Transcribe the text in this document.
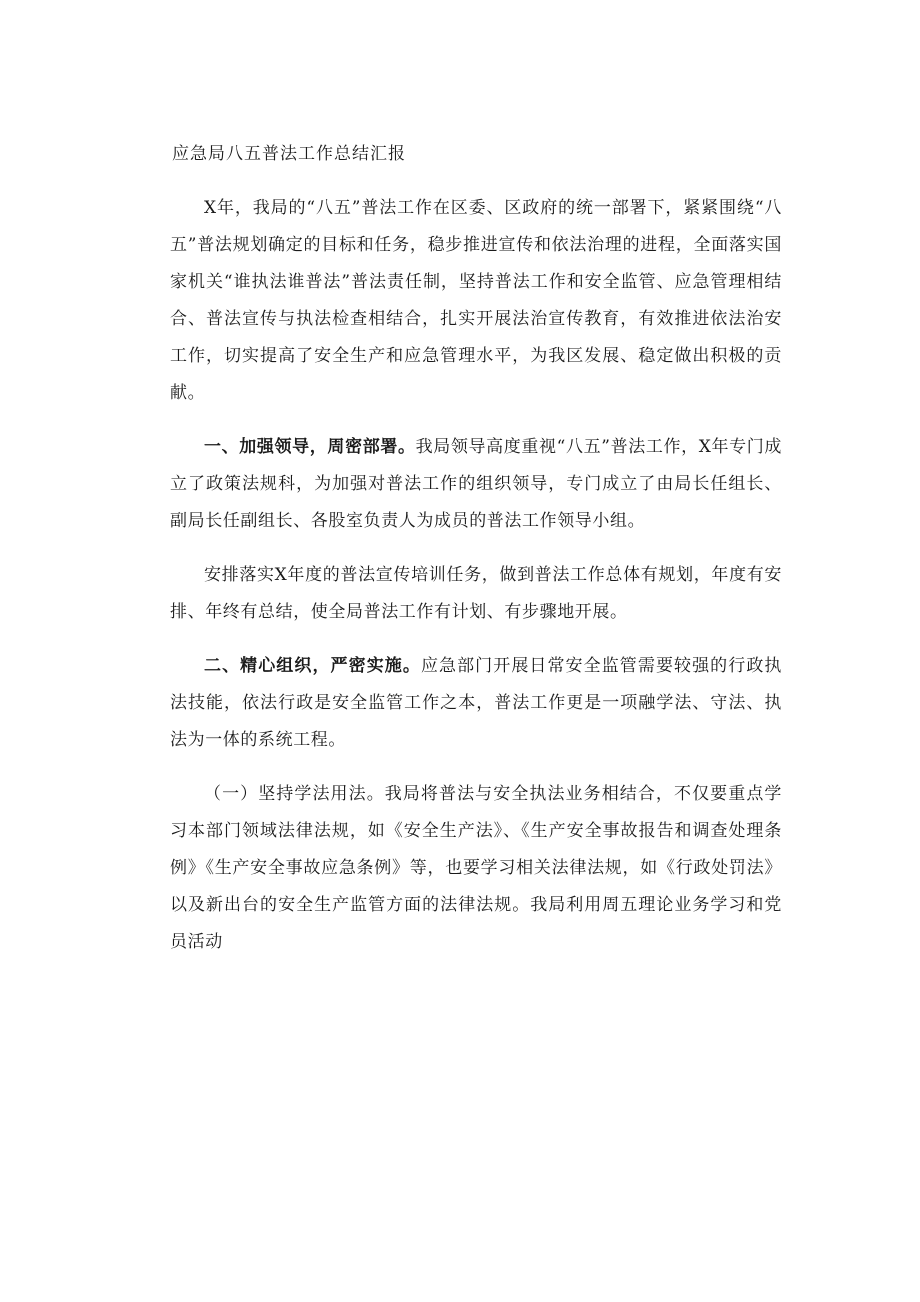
应急局八五普法工作总结汇报

X年，我局的“八五”普法工作在区委、区政府的统一部署下，紧紧围绕“八五”普法规划确定的目标和任务，稳步推进宣传和依法治理的进程，全面落实国家机关“谁执法谁普法”普法责任制，坚持普法工作和安全监管、应急管理相结合、普法宣传与执法检查相结合，扎实开展法治宣传教育，有效推进依法治安工作，切实提高了安全生产和应急管理水平，为我区发展、稳定做出积极的贡献。

一、加强领导，周密部署。我局领导高度重视“八五”普法工作，X年专门成立了政策法规科，为加强对普法工作的组织领导，专门成立了由局长任组长、副局长任副组长、各股室负责人为成员的普法工作领导小组。

安排落实X年度的普法宣传培训任务，做到普法工作总体有规划，年度有安排、年终有总结，使全局普法工作有计划、有步骤地开展。

二、精心组织，严密实施。应急部门开展日常安全监管需要较强的行政执法技能，依法行政是安全监管工作之本，普法工作更是一项融学法、守法、执法为一体的系统工程。

（一）坚持学法用法。我局将普法与安全执法业务相结合，不仅要重点学习本部门领域法律法规，如《安全生产法》、《生产安全事故报告和调查处理条例》《生产安全事故应急条例》等，也要学习相关法律法规，如《行政处罚法》以及新出台的安全生产监管方面的法律法规。我局利用周五理论业务学习和党员活动
